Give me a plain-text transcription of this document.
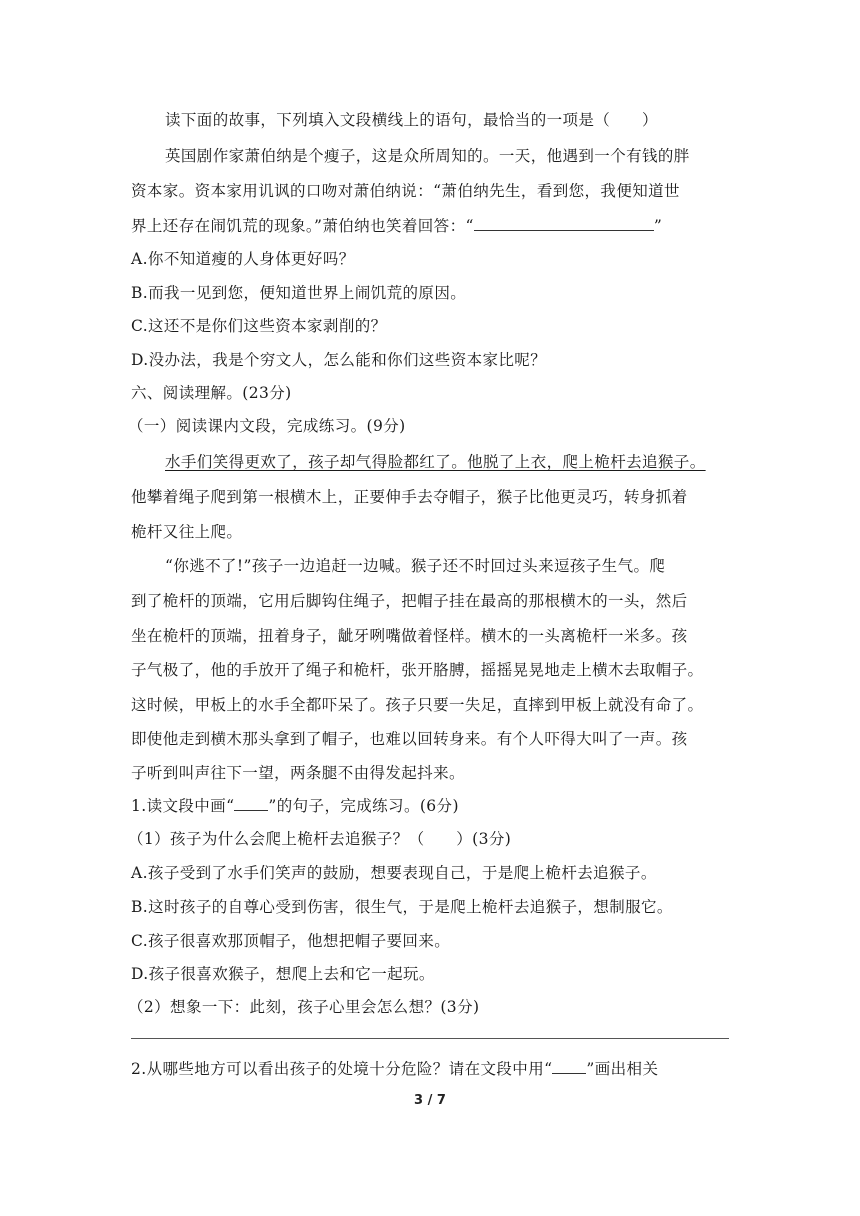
读下面的故事，下列填入文段横线上的语句，最恰当的一项是（　　）
英国剧作家萧伯纳是个瘦子，这是众所周知的。一天，他遇到一个有钱的胖
资本家。资本家用讥讽的口吻对萧伯纳说：“萧伯纳先生，看到您，我便知道世
界上还存在闹饥荒的现象。”萧伯纳也笑着回答：“	”
A.你不知道瘦的人身体更好吗？
B.而我一见到您，便知道世界上闹饥荒的原因。
C.这还不是你们这些资本家剥削的？
D.没办法，我是个穷文人，怎么能和你们这些资本家比呢？
六、阅读理解。(23分)
（一）阅读课内文段，完成练习。(9分)
水手们笑得更欢了，孩子却气得脸都红了。他脱了上衣，爬上桅杆去追猴子。
他攀着绳子爬到第一根横木上，正要伸手去夺帽子，猴子比他更灵巧，转身抓着
桅杆又往上爬。
“你逃不了!”孩子一边追赶一边喊。猴子还不时回过头来逗孩子生气。爬
到了桅杆的顶端，它用后脚钩住绳子，把帽子挂在最高的那根横木的一头，然后
坐在桅杆的顶端，扭着身子，龇牙咧嘴做着怪样。横木的一头离桅杆一米多。孩
子气极了，他的手放开了绳子和桅杆，张开胳膊，摇摇晃晃地走上横木去取帽子。
这时候，甲板上的水手全都吓呆了。孩子只要一失足，直摔到甲板上就没有命了。
即使他走到横木那头拿到了帽子，也难以回转身来。有个人吓得大叫了一声。孩
子听到叫声往下一望，两条腿不由得发起抖来。
1.读文段中画“ ”的句子，完成练习。(6分)
（1）孩子为什么会爬上桅杆去追猴子？（　　）(3分)
A.孩子受到了水手们笑声的鼓励，想要表现自己，于是爬上桅杆去追猴子。
B.这时孩子的自尊心受到伤害，很生气，于是爬上桅杆去追猴子，想制服它。
C.孩子很喜欢那顶帽子，他想把帽子要回来。
D.孩子很喜欢猴子，想爬上去和它一起玩。
（2）想象一下：此刻，孩子心里会怎么想？(3分)
2.从哪些地方可以看出孩子的处境十分危险？请在文段中用“ ”画出相关
3 / 7
